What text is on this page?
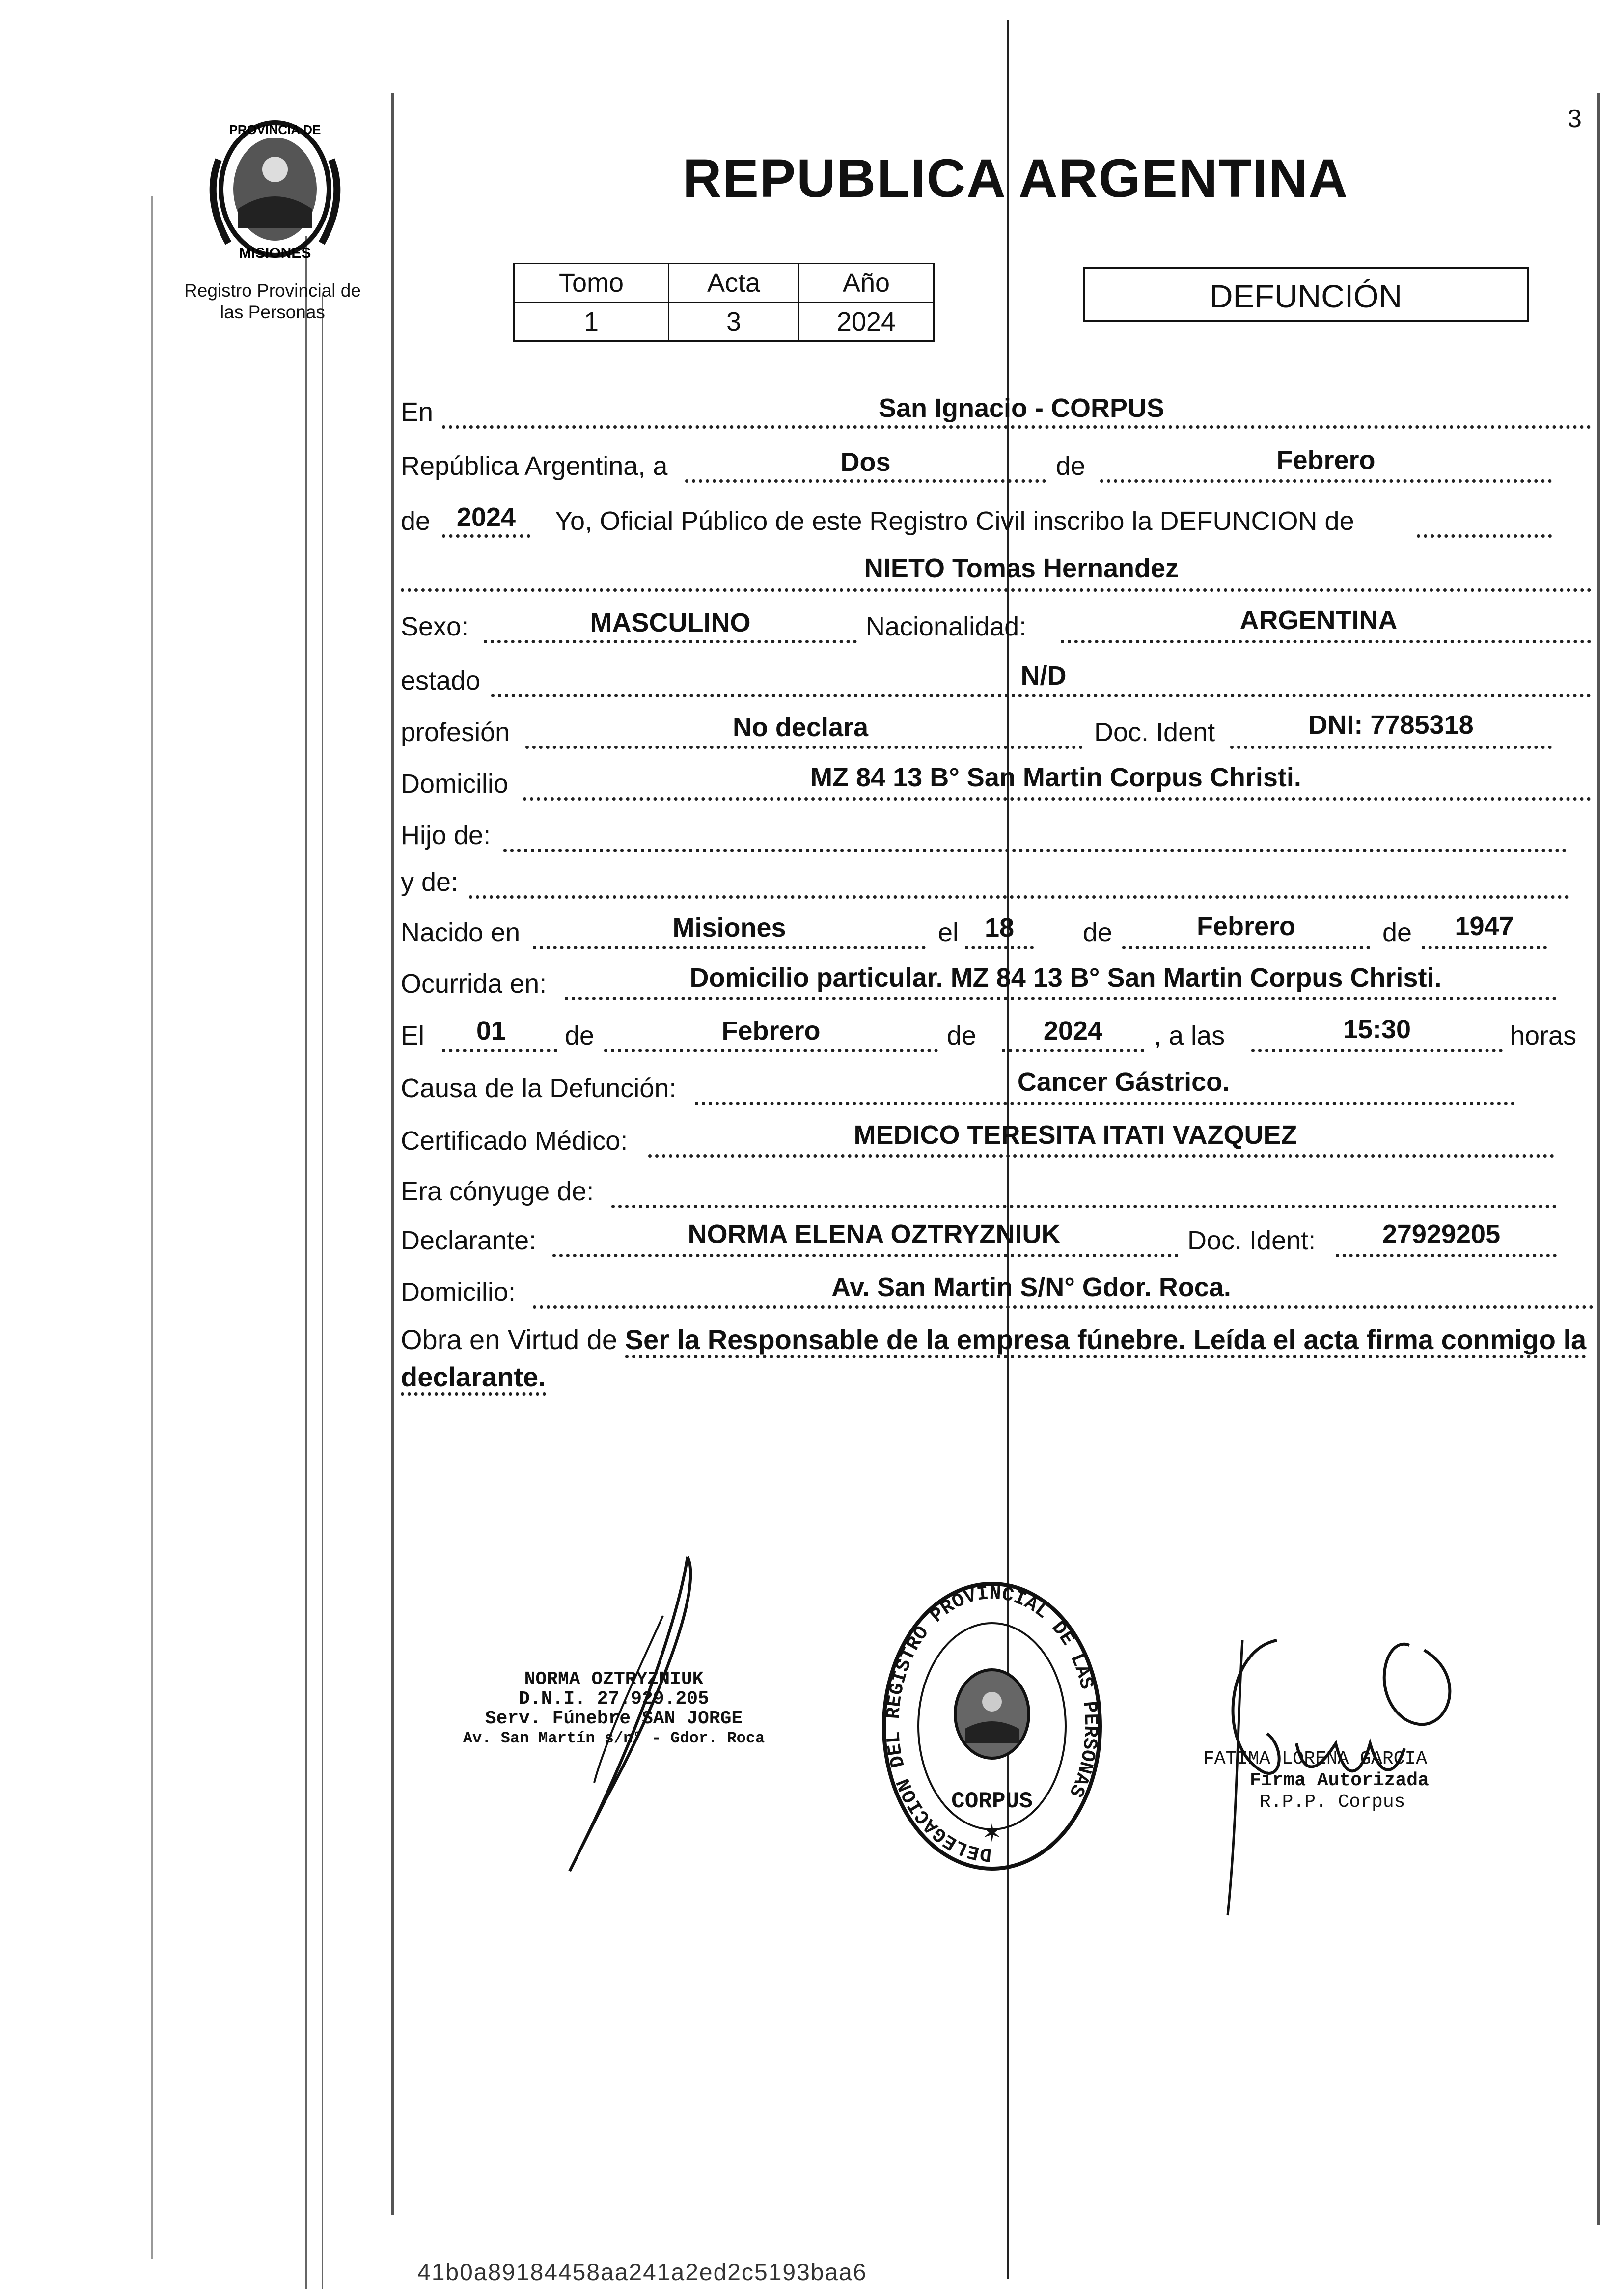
3
PROVINCIA DE
MISIONES
Registro Provincial de
las Personas
REPUBLICA ARGENTINA
Tomo	Acta	Año
1	3	2024
DEFUNCIÓN
En	San Ignacio - CORPUS
República Argentina, a	Dos	de	Febrero
de 2024	Yo, Oficial Público de este Registro Civil inscribo la DEFUNCION de
NIETO Tomas Hernandez
Sexo:	MASCULINO	Nacionalidad:	ARGENTINA
estado	N/D
profesión	No declara	Doc. Ident	DNI: 7785318
Domicilio	MZ 84 13 B° San Martin Corpus Christi.
Hijo de:
y de:
Nacido en	Misiones	el 18	de	Febrero	de	1947
Ocurrida en:	Domicilio particular. MZ 84 13 B° San Martin Corpus Christi.
El	01	de	Febrero	de	2024	, a las	15:30	horas
Causa de la Defunción:	Cancer Gástrico.
Certificado Médico:	MEDICO TERESITA ITATI VAZQUEZ
Era cónyuge de:
Declarante:	NORMA ELENA OZTRYZNIUK	Doc. Ident:	27929205
Domicilio:	Av. San Martin S/N° Gdor. Roca.
Obra en Virtud de Ser la Responsable de la empresa fúnebre. Leída el acta firma conmigo la declarante.
NORMA OZTRYZNIUK
D.N.I. 27.929.205
Serv. Fúnebre SAN JORGE
Av. San Martín s/n° - Gdor. Roca
DELEGACION DEL REGISTRO PROVINCIAL DE LAS PERSONAS
CORPUS
✶
FATIMA LORENA GARCIA
Firma Autorizada
R.P.P. Corpus
41b0a89184458aa241a2ed2c5193baa6
